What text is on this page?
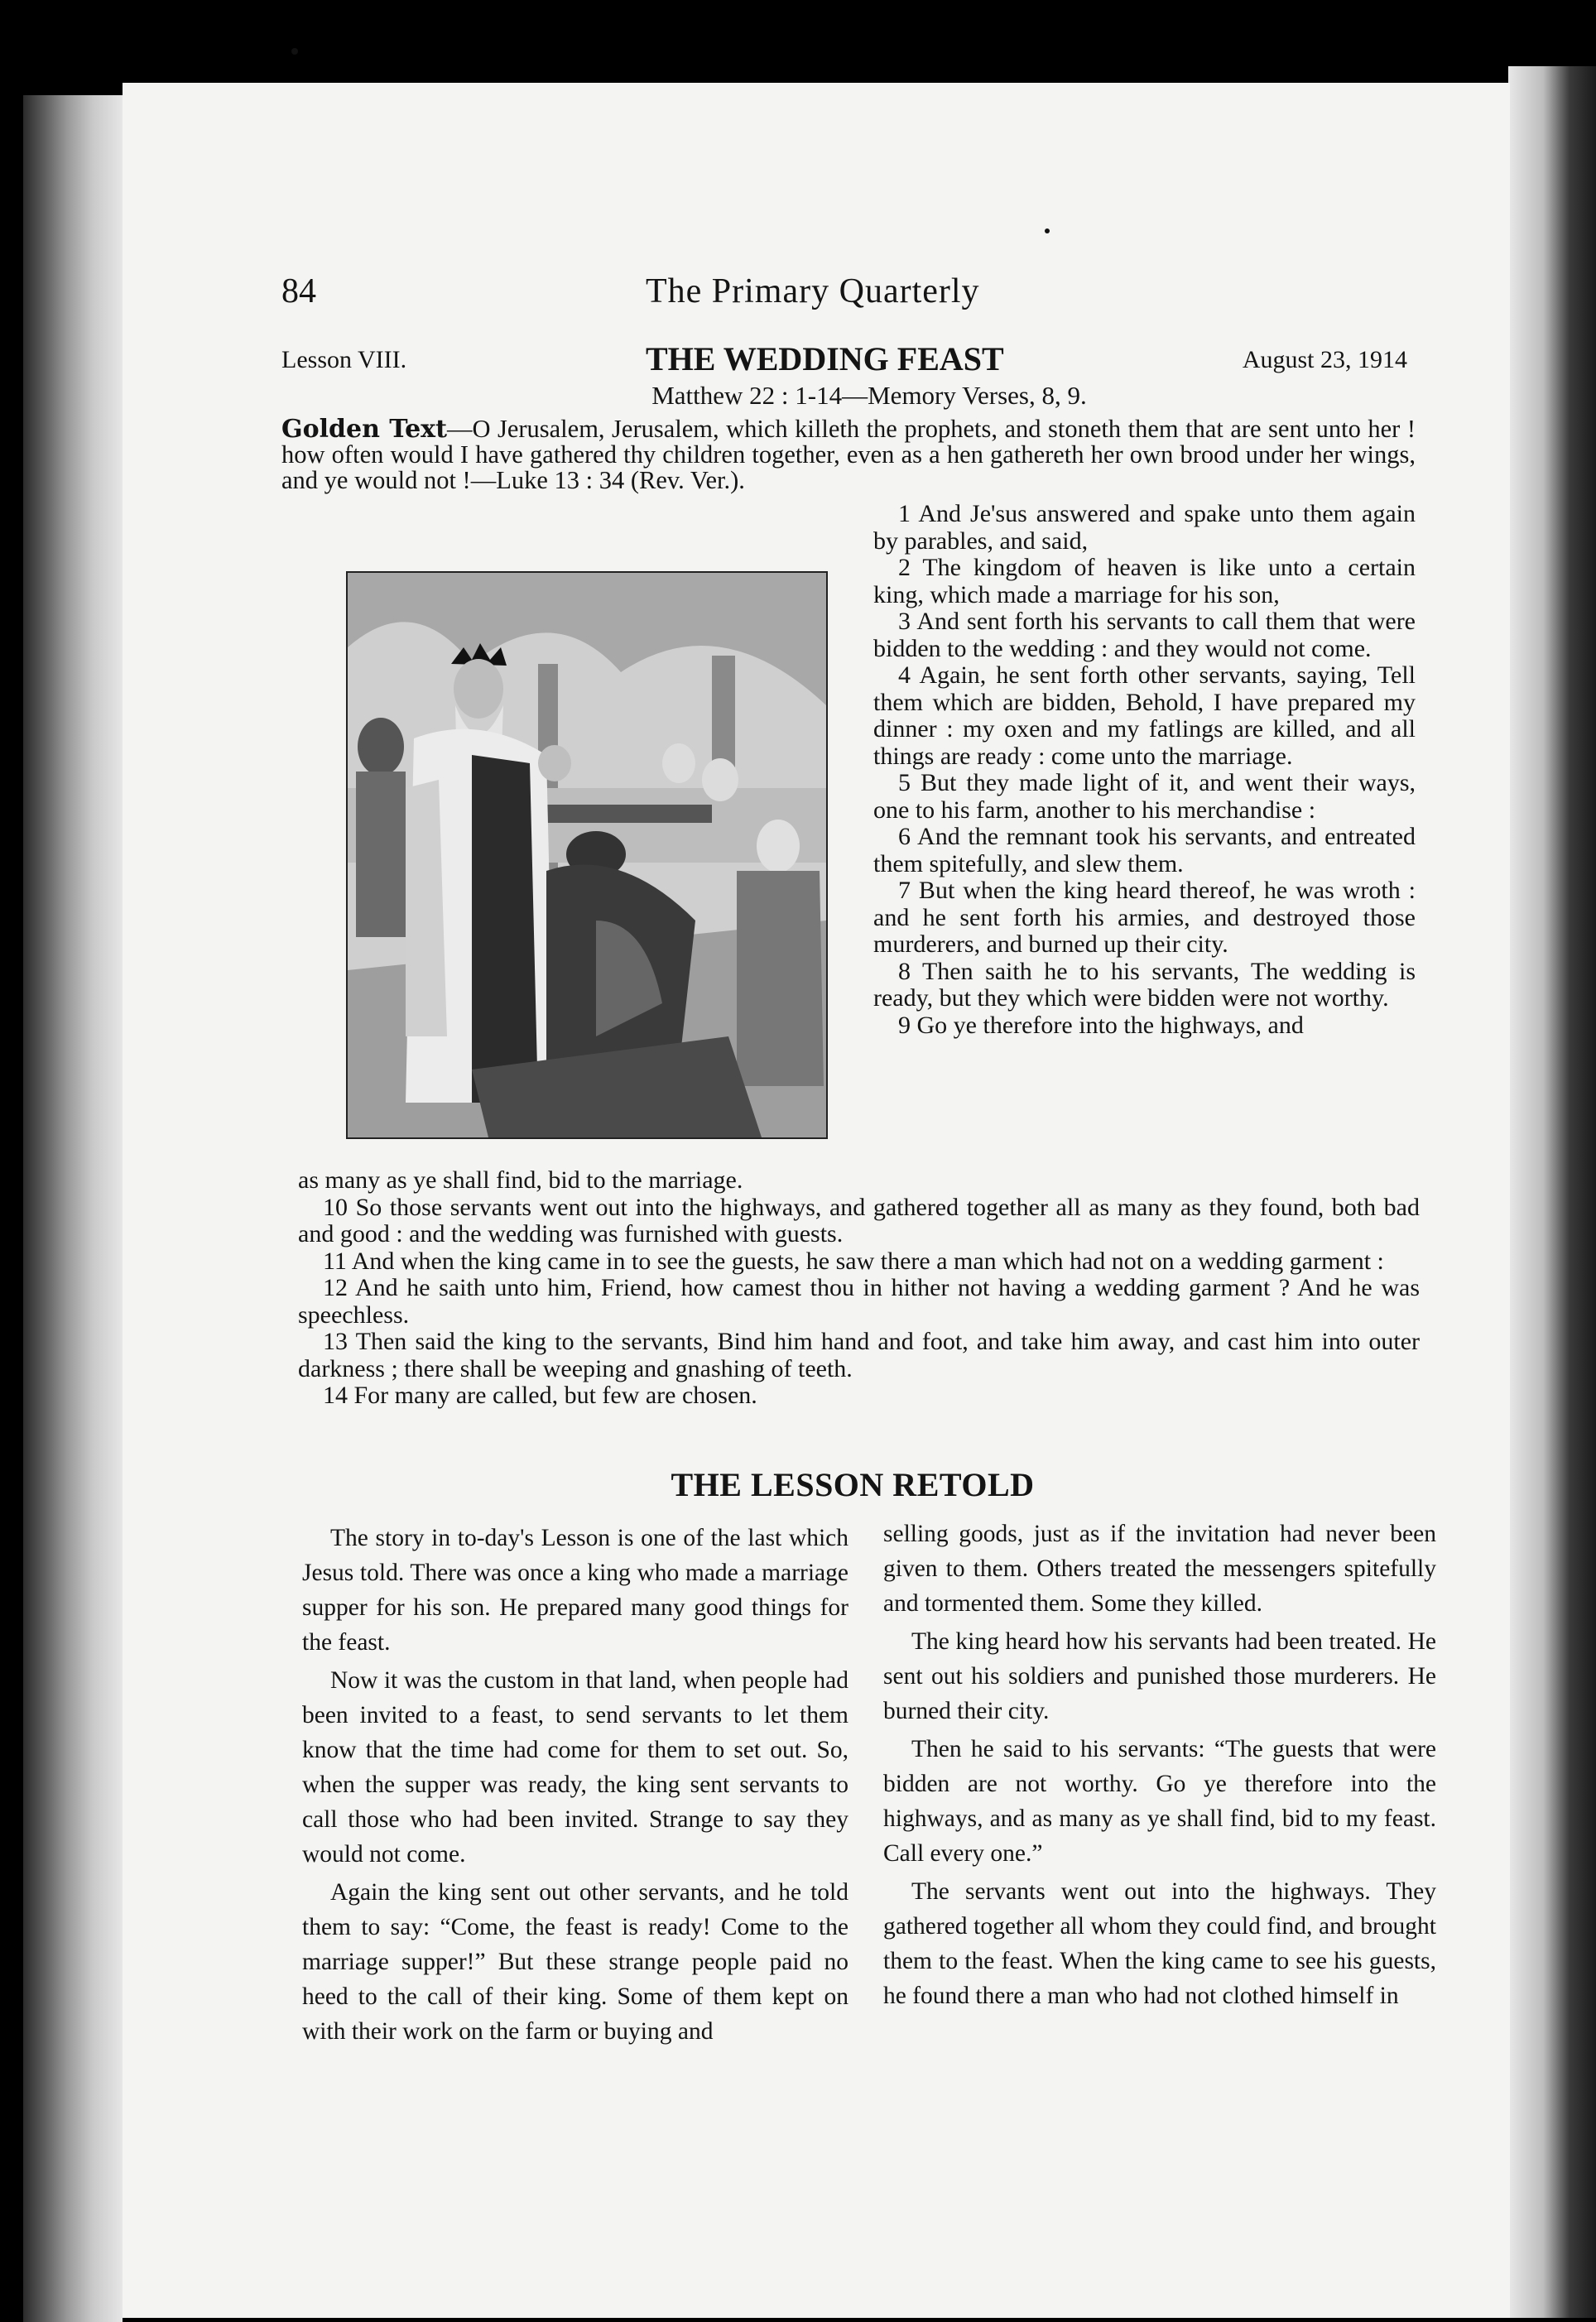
84	The Primary Quarterly
Lesson VIII.	THE WEDDING FEAST	August 23, 1914
Matthew 22 : 1-14—Memory Verses, 8, 9.
Golden Text—O Jerusalem, Jerusalem, which killeth the prophets, and stoneth them that are sent unto her ! how often would I have gathered thy children together, even as a hen gathereth her own brood under her wings, and ye would not !—Luke 13 : 34 (Rev. Ver.).

1 And Je'sus answered and spake unto them again by parables, and said,

2 The kingdom of heaven is like unto a certain king, which made a marriage for his son,

3 And sent forth his servants to call them that were bidden to the wedding : and they would not come.

4 Again, he sent forth other servants, saying, Tell them which are bidden, Behold, I have prepared my dinner : my oxen and my fatlings are killed, and all things are ready : come unto the marriage.

5 But they made light of it, and went their ways, one to his farm, another to his merchandise :

6 And the remnant took his servants, and entreated them spitefully, and slew them.

7 But when the king heard thereof, he was wroth : and he sent forth his armies, and destroyed those murderers, and burned up their city.

8 Then saith he to his servants, The wedding is ready, but they which were bidden were not worthy.

9 Go ye therefore into the highways, and

as many as ye shall find, bid to the marriage.

10 So those servants went out into the highways, and gathered together all as many as they found, both bad and good : and the wedding was furnished with guests.

11 And when the king came in to see the guests, he saw there a man which had not on a wedding garment :

12 And he saith unto him, Friend, how camest thou in hither not having a wedding garment ? And he was speechless.

13 Then said the king to the servants, Bind him hand and foot, and take him away, and cast him into outer darkness ; there shall be weeping and gnashing of teeth.

14 For many are called, but few are chosen.

THE LESSON RETOLD

The story in to-day's Lesson is one of the last which Jesus told. There was once a king who made a marriage supper for his son. He prepared many good things for the feast.

Now it was the custom in that land, when people had been invited to a feast, to send servants to let them know that the time had come for them to set out. So, when the supper was ready, the king sent servants to call those who had been invited. Strange to say they would not come.

Again the king sent out other servants, and he told them to say: “Come, the feast is ready! Come to the marriage supper!” But these strange people paid no heed to the call of their king. Some of them kept on with their work on the farm or buying and

selling goods, just as if the invitation had never been given to them. Others treated the messengers spitefully and tormented them. Some they killed.

The king heard how his servants had been treated. He sent out his soldiers and punished those murderers. He burned their city.

Then he said to his servants: “The guests that were bidden are not worthy. Go ye therefore into the highways, and as many as ye shall find, bid to my feast. Call every one.”

The servants went out into the highways. They gathered together all whom they could find, and brought them to the feast. When the king came to see his guests, he found there a man who had not clothed himself in
